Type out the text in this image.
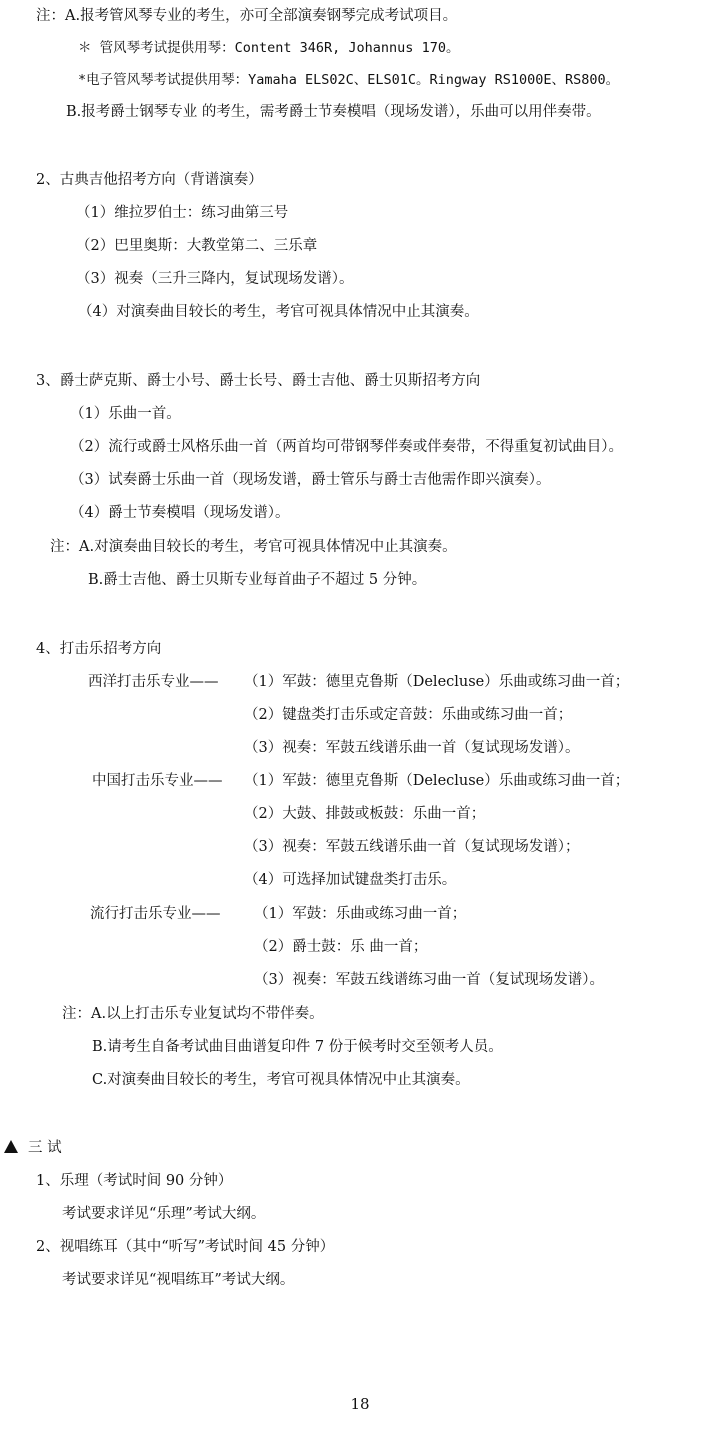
注：A.报考管风琴专业的考生，亦可全部演奏钢琴完成考试项目。
＊ 管风琴考试提供用琴：Content 346R, Johannus 170。
*电子管风琴考试提供用琴：Yamaha ELS02C、ELS01C。Ringway RS1000E、RS800。
B.报考爵士钢琴专业 的考生，需考爵士节奏模唱（现场发谱），乐曲可以用伴奏带。
2、古典吉他招考方向（背谱演奏）
（1）维拉罗伯士：练习曲第三号
（2）巴里奥斯：大教堂第二、三乐章
（3）视奏（三升三降内，复试现场发谱）。
（4）对演奏曲目较长的考生，考官可视具体情况中止其演奏。
3、爵士萨克斯、爵士小号、爵士长号、爵士吉他、爵士贝斯招考方向
（1）乐曲一首。
（2）流行或爵士风格乐曲一首（两首均可带钢琴伴奏或伴奏带，不得重复初试曲目）。
（3）试奏爵士乐曲一首（现场发谱，爵士管乐与爵士吉他需作即兴演奏）。
（4）爵士节奏模唱（现场发谱）。
注：A.对演奏曲目较长的考生，考官可视具体情况中止其演奏。
B.爵士吉他、爵士贝斯专业每首曲子不超过 5 分钟。
4、打击乐招考方向
西洋打击乐专业—— （1）军鼓：德里克鲁斯（Delecluse）乐曲或练习曲一首；
（2）键盘类打击乐或定音鼓：乐曲或练习曲一首；
（3）视奏：军鼓五线谱乐曲一首（复试现场发谱）。
中国打击乐专业—— （1）军鼓：德里克鲁斯（Delecluse）乐曲或练习曲一首；
（2）大鼓、排鼓或板鼓：乐曲一首；
（3）视奏：军鼓五线谱乐曲一首（复试现场发谱）；
（4）可选择加试键盘类打击乐。
流行打击乐专业—— （1）军鼓：乐曲或练习曲一首；
（2）爵士鼓：乐 曲一首；
（3）视奏：军鼓五线谱练习曲一首（复试现场发谱）。
注：A.以上打击乐专业复试均不带伴奏。
B.请考生自备考试曲目曲谱复印件 7 份于候考时交至领考人员。
C.对演奏曲目较长的考生，考官可视具体情况中止其演奏。
三 试
1、乐理（考试时间 90 分钟）
考试要求详见“乐理”考试大纲。
2、视唱练耳（其中“听写”考试时间 45 分钟）
考试要求详见“视唱练耳”考试大纲。
18
